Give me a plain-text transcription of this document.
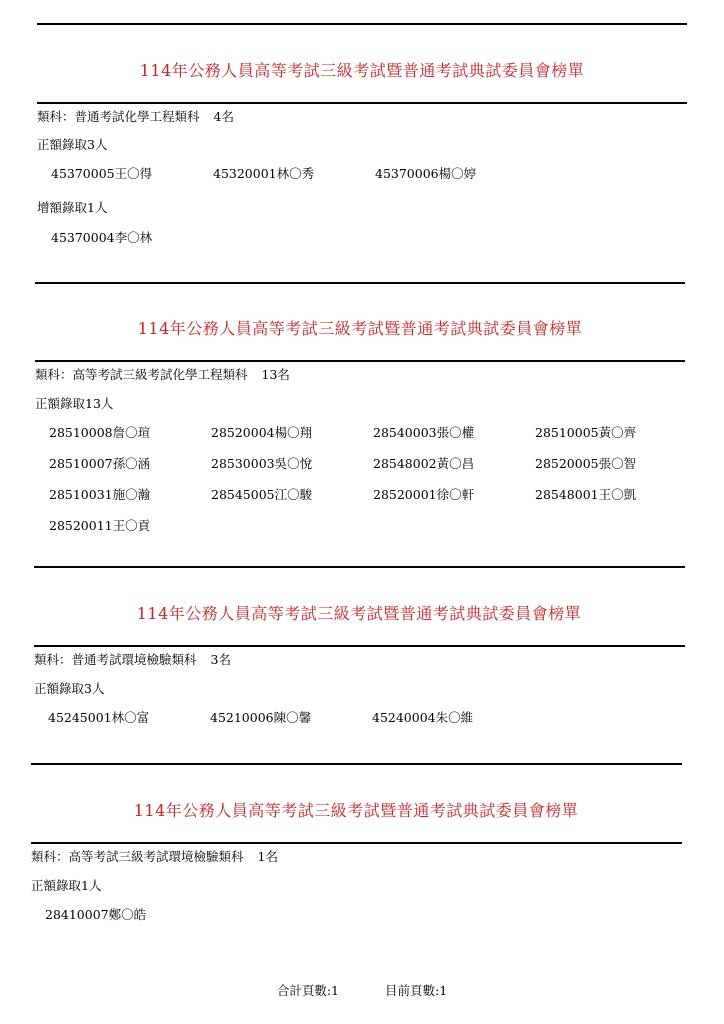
114年公務人員高等考試三級考試暨普通考試典試委員會榜單
類科：普通考試化學工程類科 4名
正額錄取3人
45370005王〇得	45320001林〇秀	45370006楊〇婷
增額錄取1人
45370004李〇林
114年公務人員高等考試三級考試暨普通考試典試委員會榜單
類科：高等考試三級考試化學工程類科 13名
正額錄取13人
28510008詹〇瑄	28520004楊〇翔	28540003張〇權	28510005黃〇齊
28510007孫〇涵	28530003吳〇悅	28548002黃〇昌	28520005張〇智
28510031施〇瀚	28545005江〇駿	28520001徐〇軒	28548001王〇凱
28520011王〇貢
114年公務人員高等考試三級考試暨普通考試典試委員會榜單
類科：普通考試環境檢驗類科 3名
正額錄取3人
45245001林〇富	45210006陳〇馨	45240004朱〇維
114年公務人員高等考試三級考試暨普通考試典試委員會榜單
類科：高等考試三級考試環境檢驗類科 1名
正額錄取1人
28410007鄭〇皓
合計頁數:1	目前頁數:1
